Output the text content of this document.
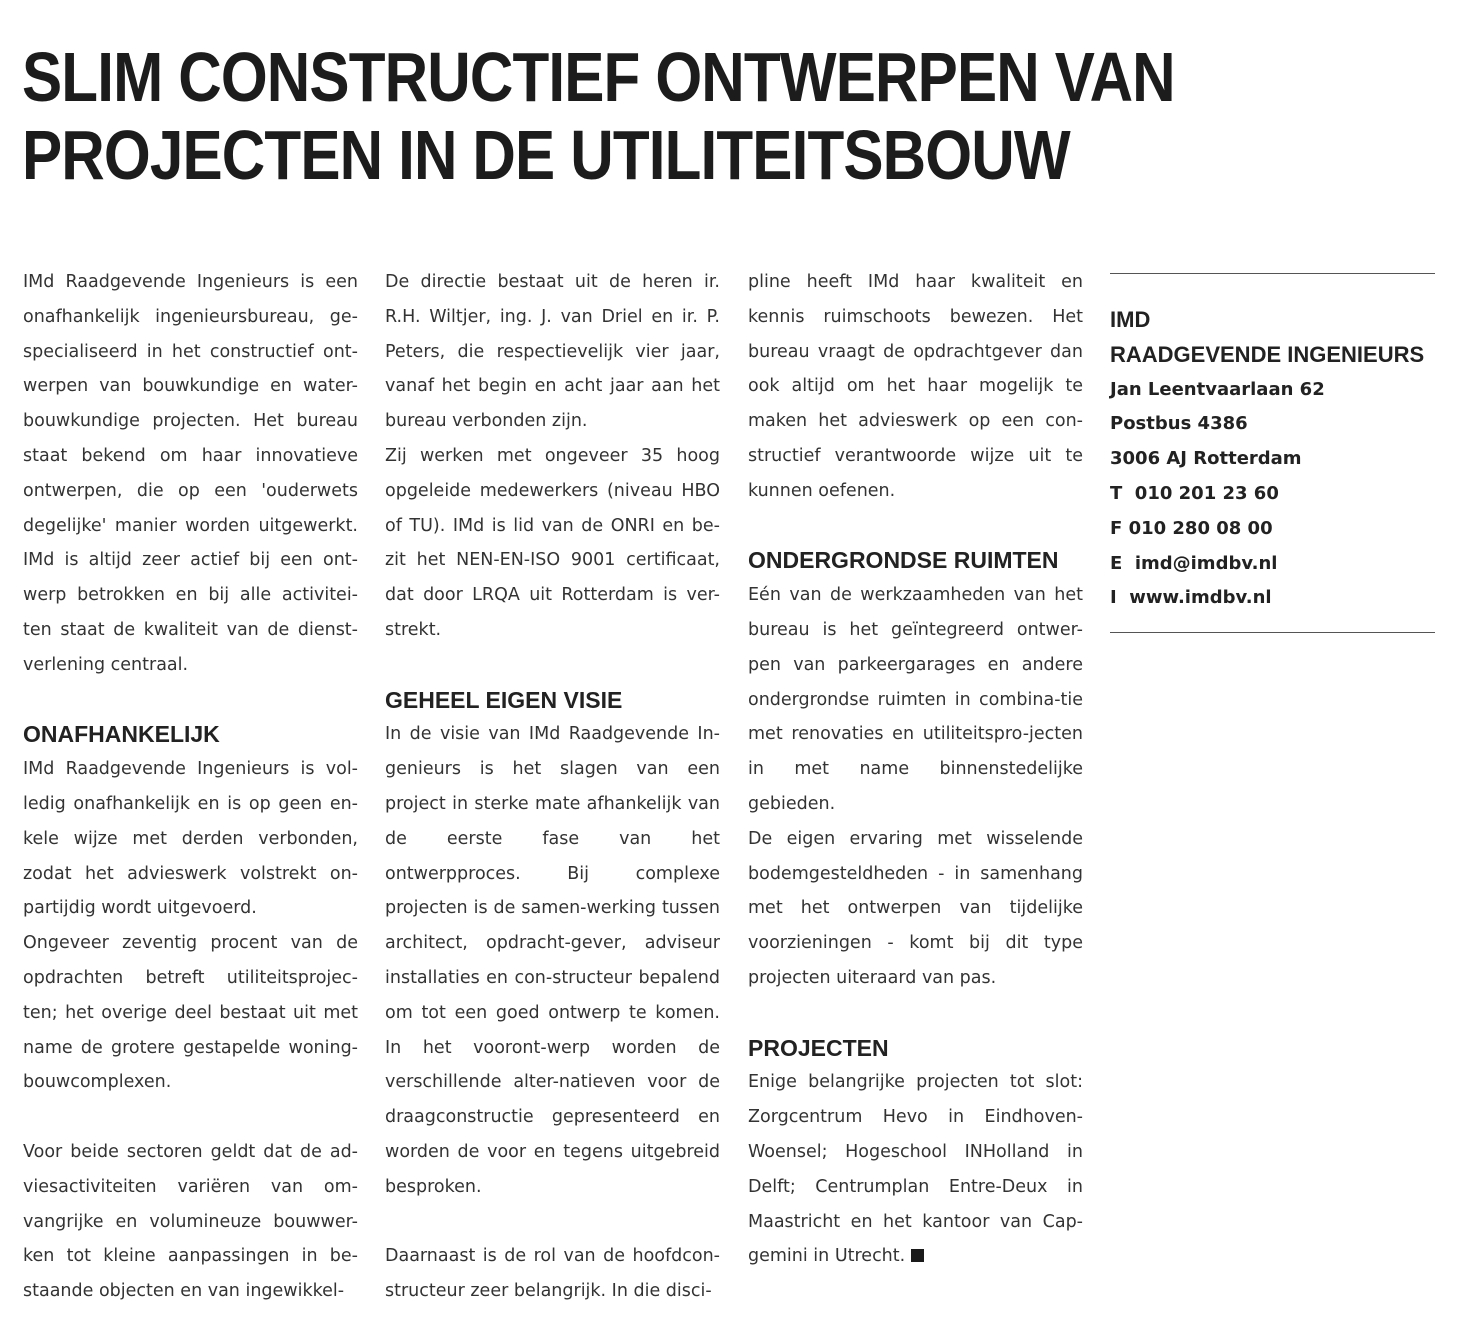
SLIM CONSTRUCTIEF ONTWERPEN VAN
PROJECTEN IN DE UTILITEITSBOUW

IMd Raadgevende Ingenieurs is een onafhankelijk ingenieursbureau, ge-specialiseerd in het constructief ont-werpen van bouwkundige en water-bouwkundige projecten. Het bureau staat bekend om haar innovatieve ontwerpen, die op een 'ouderwets degelijke' manier worden uitgewerkt. IMd is altijd zeer actief bij een ont-werp betrokken en bij alle activitei-ten staat de kwaliteit van de dienst-verlening centraal.

ONAFHANKELIJK

IMd Raadgevende Ingenieurs is vol-ledig onafhankelijk en is op geen en-kele wijze met derden verbonden, zodat het advieswerk volstrekt on-partijdig wordt uitgevoerd.

Ongeveer zeventig procent van de opdrachten betreft utiliteitsprojec-ten; het overige deel bestaat uit met name de grotere gestapelde woning-bouwcomplexen.

Voor beide sectoren geldt dat de ad-viesactiviteiten variëren van om-vangrijke en volumineuze bouwwer-ken tot kleine aanpassingen in be-staande objecten en van ingewikkel-

De directie bestaat uit de heren ir. R.H. Wiltjer, ing. J. van Driel en ir. P. Peters, die respectievelijk vier jaar, vanaf het begin en acht jaar aan het bureau verbonden zijn.

Zij werken met ongeveer 35 hoog opgeleide medewerkers (niveau HBO of TU). IMd is lid van de ONRI en be-zit het NEN-EN-ISO 9001 certificaat, dat door LRQA uit Rotterdam is ver-strekt.

GEHEEL EIGEN VISIE

In de visie van IMd Raadgevende In-genieurs is het slagen van een project in sterke mate afhankelijk van de eerste fase van het ontwerpproces. Bij complexe projecten is de samen-werking tussen architect, opdracht-gever, adviseur installaties en con-structeur bepalend om tot een goed ontwerp te komen. In het vooront-werp worden de verschillende alter-natieven voor de draagconstructie gepresenteerd en worden de voor en tegens uitgebreid besproken.

Daarnaast is de rol van de hoofdcon-structeur zeer belangrijk. In die disci-

pline heeft IMd haar kwaliteit en kennis ruimschoots bewezen. Het bureau vraagt de opdrachtgever dan ook altijd om het haar mogelijk te maken het advieswerk op een con-structief verantwoorde wijze uit te kunnen oefenen.

ONDERGRONDSE RUIMTEN

Eén van de werkzaamheden van het bureau is het geïntegreerd ontwer-pen van parkeergarages en andere ondergrondse ruimten in combina-tie met renovaties en utiliteitspro-jecten in met name binnenstedelijke gebieden.

De eigen ervaring met wisselende bodemgesteldheden - in samenhang met het ontwerpen van tijdelijke voorzieningen - komt bij dit type projecten uiteraard van pas.

PROJECTEN

Enige belangrijke projecten tot slot: Zorgcentrum Hevo in Eindhoven-Woensel; Hogeschool INHolland in Delft; Centrumplan Entre-Deux in Maastricht en het kantoor van Cap-gemini in Utrecht.

IMD

RAADGEVENDE INGENIEURS

Jan Leentvaarlaan 62

Postbus 4386

3006 AJ Rotterdam

T  010 201 23 60

F 010 280 08 00

E  imd@imdbv.nl

I  www.imdbv.nl
